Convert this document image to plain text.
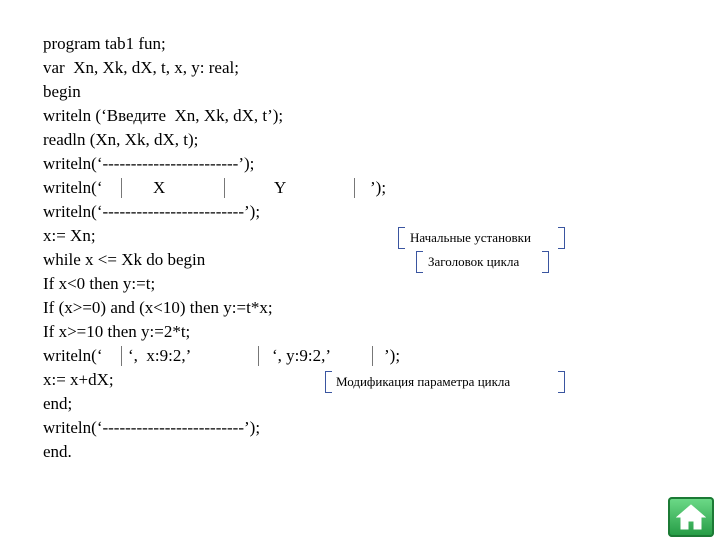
program tab1 fun;
var  Xn, Xk, dX, t, x, y: real;
begin
writeln (‘Введите  Xn, Xk, dX, t’);
readln (Xn, Xk, dX, t);
writeln(‘------------------------’);
writeln(‘	X	Y	’);
writeln(‘-------------------------’);
x:= Xn;	Начальные установки
while x <= Xk do begin	Заголовок цикла
If x<0 then y:=t;
If (x>=0) and (x<10) then y:=t*x;
If x>=10 then y:=2*t;
writeln(‘ ‘,  x:9:2,’	‘, y:9:2,’	’);
x:= x+dX;	Модификация параметра цикла
end;
writeln(‘-------------------------’);
end.
